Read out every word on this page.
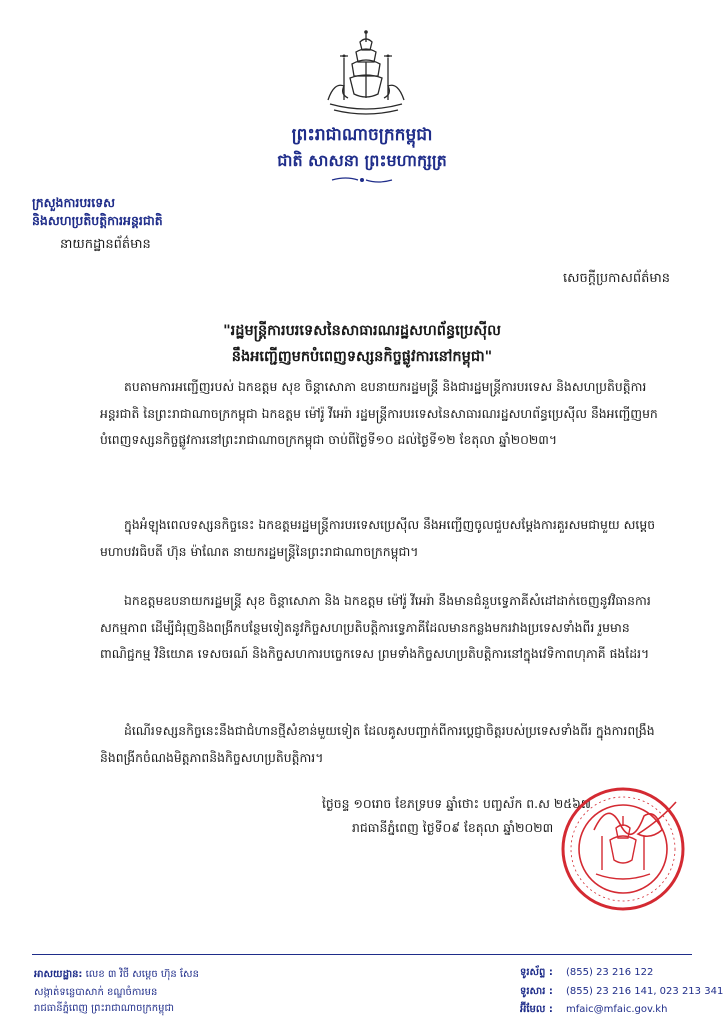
ព្រះរាជាណាចក្រកម្ពុជា
ជាតិ សាសនា ព្រះមហាក្សត្រ
ក្រសួងការបរទេស
និងសហប្រតិបត្តិការអន្តរជាតិ
នាយកដ្ឋានព័ត៌មាន
សេចក្តីប្រកាសព័ត៌មាន
"រដ្ឋមន្ត្រីការបរទេសនៃសាធារណរដ្ឋសហព័ន្ធប្រេស៊ីល
នឹងអញ្ជើញមកបំពេញទស្សនកិច្ចផ្លូវការនៅកម្ពុជា"
តបតាមការអញ្ជើញរបស់ ឯកឧត្តម សុខ ចិន្តាសោភា ឧបនាយករដ្ឋមន្ត្រី និងជារដ្ឋមន្ត្រីការបរទេស និងសហប្រតិបត្តិការអន្តរជាតិ នៃព្រះរាជាណាចក្រកម្ពុជា ឯកឧត្តម ម៉ៅរ៉ូ វីអេរ៉ា រដ្ឋមន្ត្រីការបរទេសនៃសាធារណរដ្ឋសហព័ន្ធប្រេស៊ីល នឹងអញ្ជើញមកបំពេញទស្សនកិច្ចផ្លូវការនៅព្រះរាជាណាចក្រកម្ពុជា ចាប់ពីថ្ងៃទី១០ ដល់ថ្ងៃទី១២ ខែតុលា ឆ្នាំ២០២៣។
ក្នុងអំឡុងពេលទស្សនកិច្ចនេះ ឯកឧត្តមរដ្ឋមន្ត្រីការបរទេសប្រេស៊ីល នឹងអញ្ជើញចូលជួបសម្តែងការគួរសមជាមួយ សម្តេចមហាបវរធិបតី ហ៊ុន ម៉ាណែត នាយករដ្ឋមន្ត្រីនៃព្រះរាជាណាចក្រកម្ពុជា។
ឯកឧត្តមឧបនាយករដ្ឋមន្ត្រី សុខ ចិន្តាសោភា និង ឯកឧត្តម ម៉ៅរ៉ូ វីអេរ៉ា នឹងមានជំនួបទ្វេភាគីសំដៅដាក់ចេញនូវវិធានការសកម្មភាព ដើម្បីជំរុញនិងពង្រីកបន្ថែមទៀតនូវកិច្ចសហប្រតិបត្តិការទ្វេភាគីដែលមានកន្លងមករវាងប្រទេសទាំងពីរ រួមមានពាណិជ្ជកម្ម វិនិយោគ ទេសចរណ៍ និងកិច្ចសហការបច្ចេកទេស ព្រមទាំងកិច្ចសហប្រតិបត្តិការនៅក្នុងវេទិកាពហុភាគី ផងដែរ។
ដំណើរទស្សនកិច្ចនេះនឹងជាជំហានថ្មីសំខាន់មួយទៀត ដែលគូសបញ្ជាក់ពីការប្តេជ្ញាចិត្តរបស់ប្រទេសទាំងពីរ ក្នុងការពង្រឹង និងពង្រីកចំណងមិត្តភាពនិងកិច្ចសហប្រតិបត្តិការ។
ថ្ងៃចន្ទ ១០រោច ខែភទ្របទ ឆ្នាំថោះ បញ្ចស័ក ព.ស ២៥៦៧
រាជធានីភ្នំពេញ ថ្ងៃទី០៩ ខែតុលា ឆ្នាំ២០២៣
អាសយដ្ឋាន: លេខ ៣ វិថី សម្តេច ហ៊ុន សែន
សង្កាត់ទន្លេបាសាក់ ខណ្ឌចំការមន
រាជធានីភ្នំពេញ ព្រះរាជាណាចក្រកម្ពុជា
ទូរស័ព្ទ : (855) 23 216 122
ទូរសារ : (855) 23 216 141, 023 213 341
អ៊ីមែល : mfaic@mfaic.gov.kh
